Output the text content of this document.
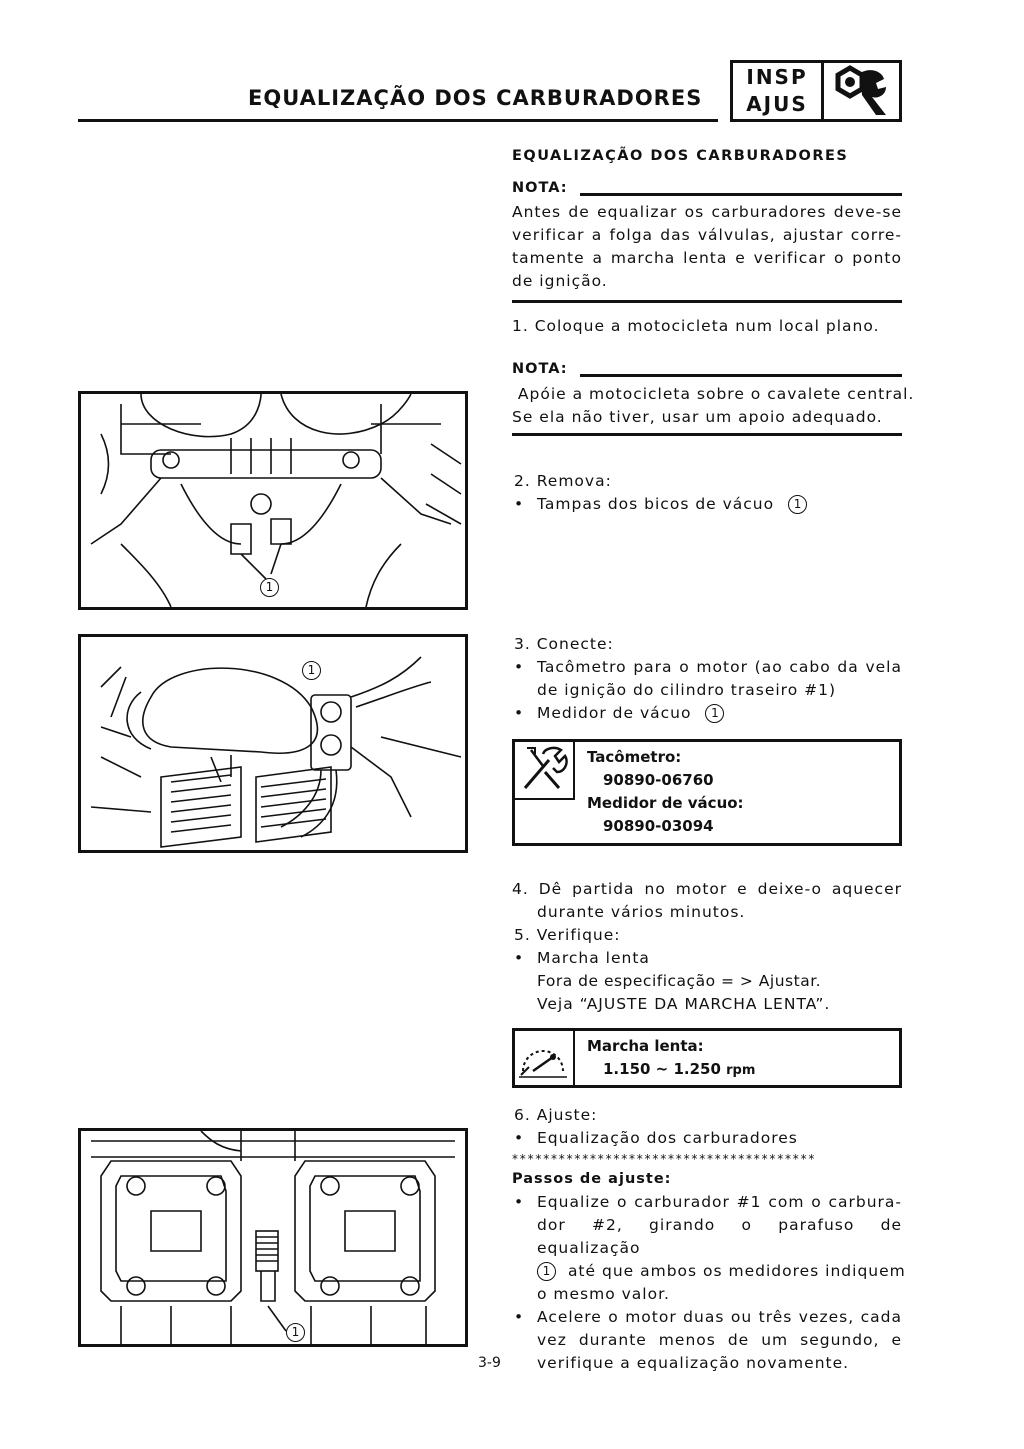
EQUALIZAÇÃO DOS CARBURADORES
INSP
AJUS
EQUALIZAÇÃO DOS CARBURADORES
NOTA:
Antes de equalizar os carburadores deve-se
verificar a folga das válvulas, ajustar corre-
tamente a marcha lenta e verificar o ponto
de ignição.
1. Coloque a motocicleta num local plano.
NOTA:
Apóie a motocicleta sobre o cavalete central.
Se ela não tiver, usar um apoio adequado.
2. Remova:
• Tampas dos bicos de vácuo 1
3. Conecte:
• Tacômetro para o motor (ao cabo da vela
de ignição do cilindro traseiro #1)
• Medidor de vácuo 1
Tacômetro:
90890-06760
Medidor de vácuo:
90890-03094
4. Dê partida no motor e deixe-o aquecer
durante vários minutos.
5. Verifique:
• Marcha lenta
Fora de especificação = > Ajustar.
Veja “AJUSTE DA MARCHA LENTA”.
Marcha lenta:
1.150 ~ 1.250 rpm
6. Ajuste:
• Equalização dos carburadores
***************************************
Passos de ajuste:
• Equalize o carburador #1 com o carbura-
dor #2, girando o parafuso de equalização
1 até que ambos os medidores indiquem
o mesmo valor.
• Acelere o motor duas ou três vezes, cada
vez durante menos de um segundo, e
verifique a equalização novamente.
1
1
1
3-9
